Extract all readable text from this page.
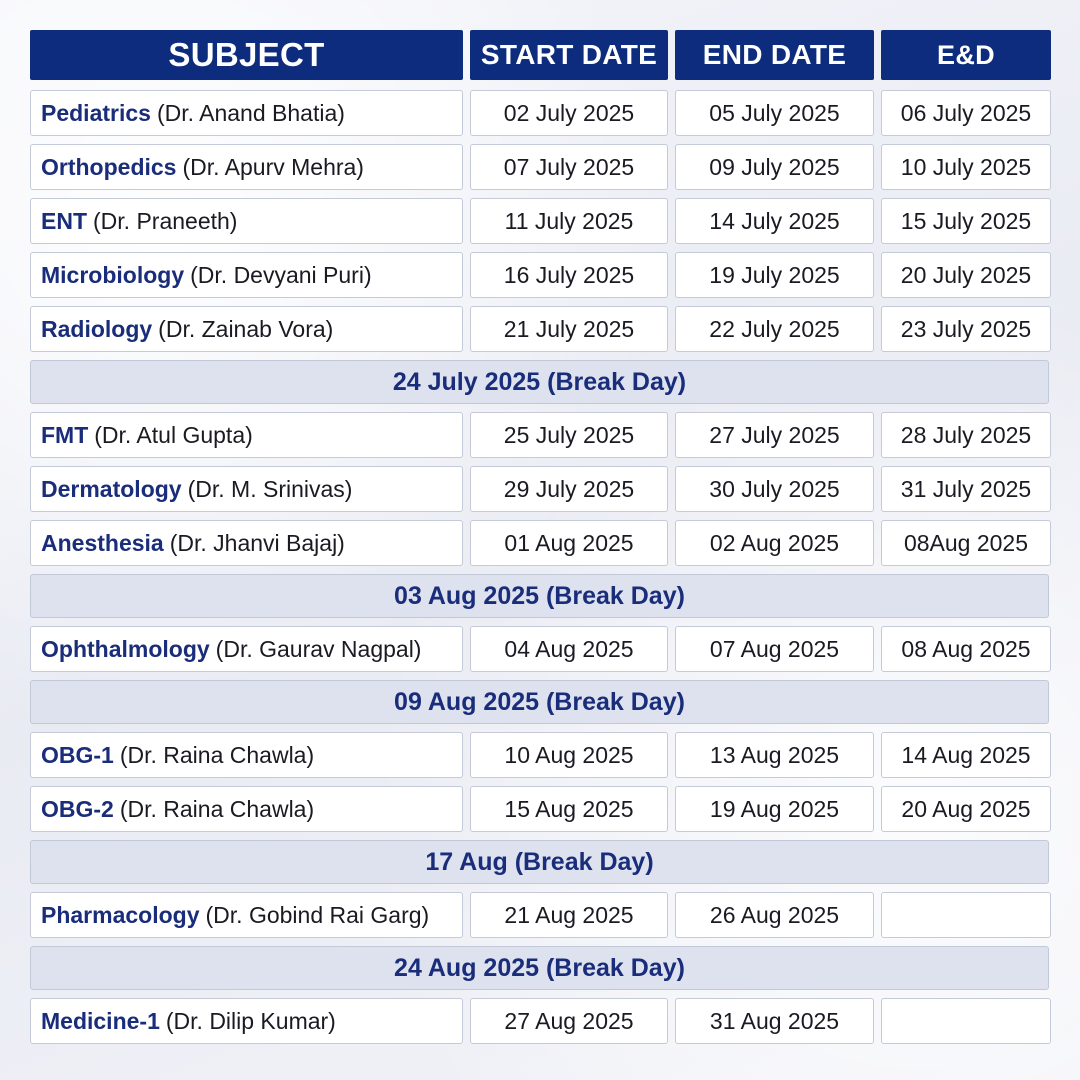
SUBJECT	START DATE	END DATE	E&D
Pediatrics (Dr. Anand Bhatia)	02 July 2025	05 July 2025	06 July 2025
Orthopedics (Dr. Apurv Mehra)	07 July 2025	09 July 2025	10 July 2025
ENT (Dr. Praneeth)	11 July 2025	14 July 2025	15 July 2025
Microbiology (Dr. Devyani Puri)	16 July 2025	19 July 2025	20 July 2025
Radiology (Dr. Zainab Vora)	21 July 2025	22 July 2025	23 July 2025
24 July 2025 (Break Day)
FMT (Dr. Atul Gupta)	25 July 2025	27 July 2025	28 July 2025
Dermatology (Dr. M. Srinivas)	29 July 2025	30 July 2025	31 July 2025
Anesthesia (Dr. Jhanvi Bajaj)	01 Aug 2025	02 Aug 2025	08Aug 2025
03 Aug 2025 (Break Day)
Ophthalmology (Dr. Gaurav Nagpal)	04 Aug 2025	07 Aug 2025	08 Aug 2025
09 Aug 2025 (Break Day)
OBG-1 (Dr. Raina Chawla)	10 Aug 2025	13 Aug 2025	14 Aug 2025
OBG-2 (Dr. Raina Chawla)	15 Aug 2025	19 Aug 2025	20 Aug 2025
17 Aug (Break Day)
Pharmacology (Dr. Gobind Rai Garg)	21 Aug 2025	26 Aug 2025
24 Aug 2025 (Break Day)
Medicine-1 (Dr. Dilip Kumar)	27 Aug 2025	31 Aug 2025
